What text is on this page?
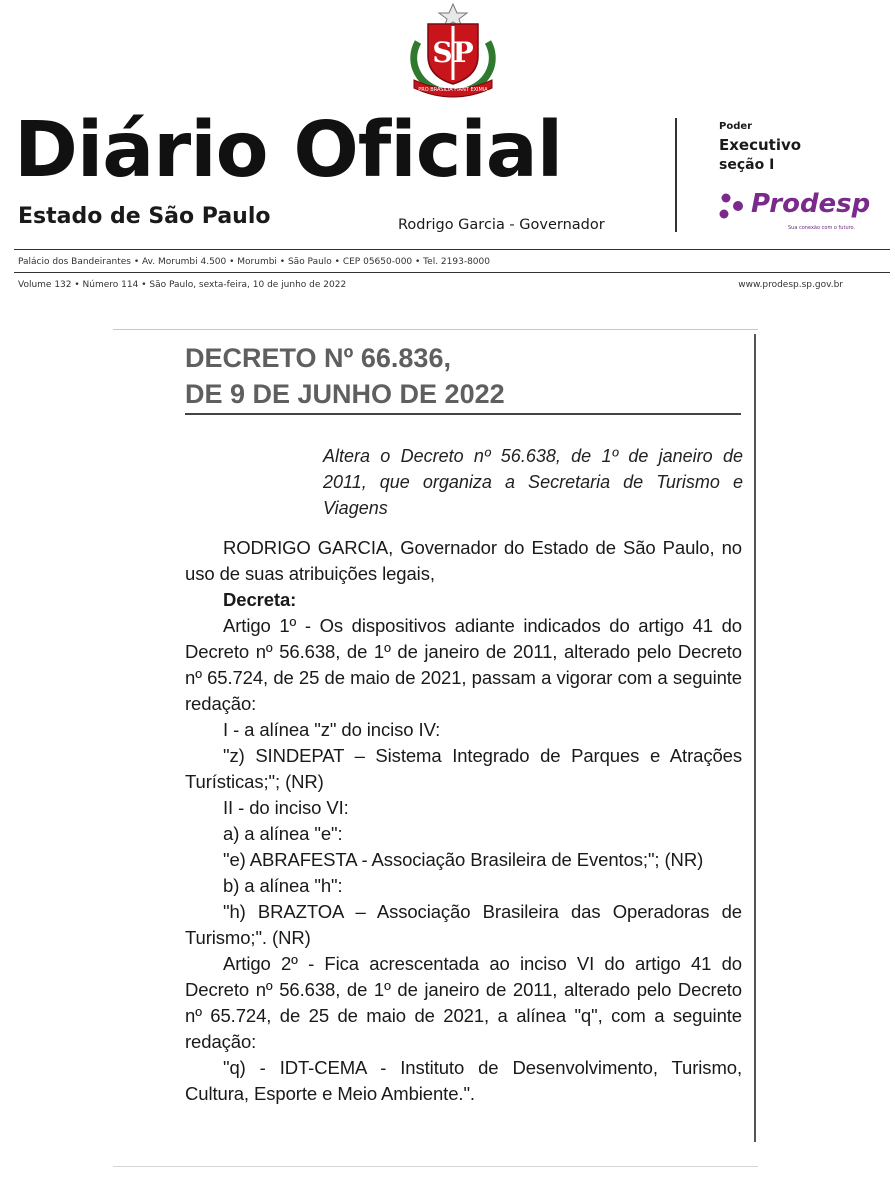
SP
PRO BRASILIA FIANT EXIMIA
Diário Oficial
Estado de São Paulo	Rodrigo Garcia - Governador
Poder
Executivo
seção I
Prodesp
Sua conexão com o futuro.
Palácio dos Bandeirantes • Av. Morumbi 4.500 • Morumbi • São Paulo • CEP 05650-000 • Tel. 2193-8000
Volume 132 • Número 114 • São Paulo, sexta-feira, 10 de junho de 2022	www.prodesp.sp.gov.br
DECRETO Nº 66.836,
DE 9 DE JUNHO DE 2022

Altera o Decreto nº 56.638, de 1º de janeiro de 2011, que organiza a Secretaria de Turismo e Viagens

RODRIGO GARCIA, Governador do Estado de São Paulo, no uso de suas atribuições legais,

Decreta:

Artigo 1º - Os dispositivos adiante indicados do artigo 41 do Decreto nº 56.638, de 1º de janeiro de 2011, alterado pelo Decreto nº 65.724, de 25 de maio de 2021, passam a vigorar com a seguinte redação:

I - a alínea "z" do inciso IV:

"z) SINDEPAT – Sistema Integrado de Parques e Atrações Turísticas;"; (NR)

II - do inciso VI:

a) a alínea "e":

"e) ABRAFESTA - Associação Brasileira de Eventos;"; (NR)

b) a alínea "h":

"h) BRAZTOA – Associação Brasileira das Operadoras de Turismo;". (NR)

Artigo 2º - Fica acrescentada ao inciso VI do artigo 41 do Decreto nº 56.638, de 1º de janeiro de 2011, alterado pelo Decreto nº 65.724, de 25 de maio de 2021, a alínea "q", com a seguinte redação:

"q) - IDT-CEMA - Instituto de Desenvolvimento, Turismo, Cultura, Esporte e Meio Ambiente.".
